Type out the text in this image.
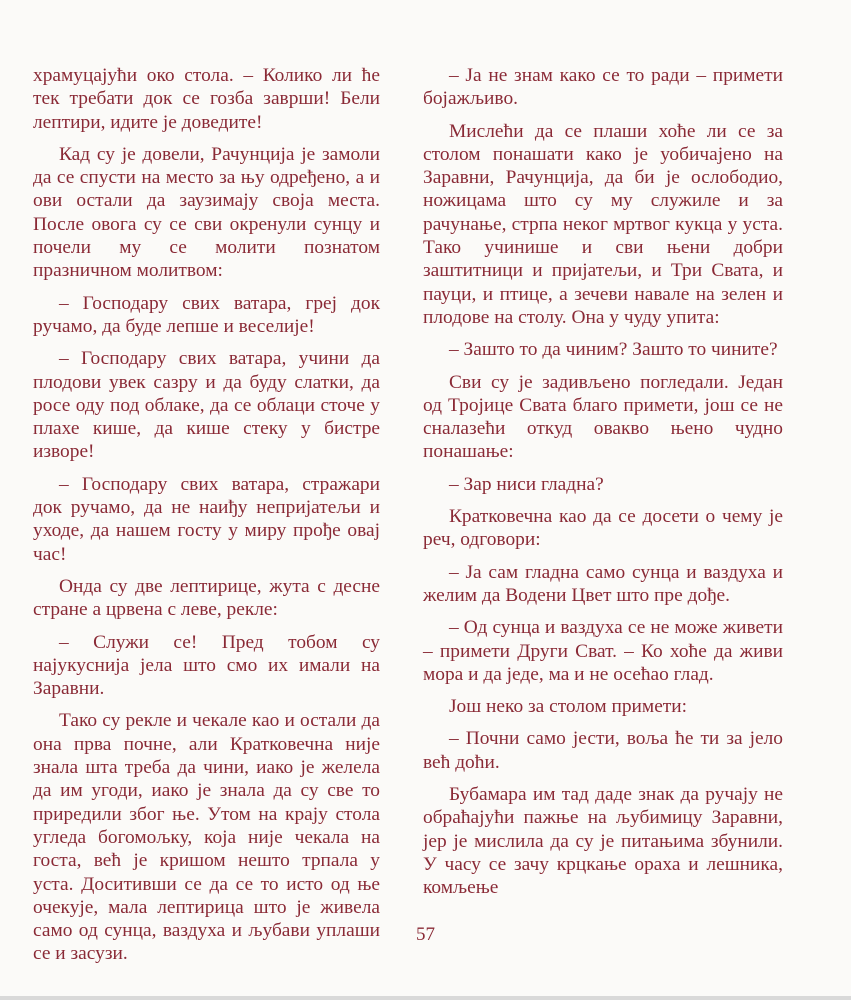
храмуцајући око стола. – Колико ли ће тек требати док се гозба заврши! Бели лептири, идите је доведите!

Кад су је довели, Рачунција је замоли да се спусти на место за њу одређено, а и ови остали да заузимају своја места. После овога су се сви окренули сунцу и почели му се молити познатом празничном молитвом:

– Господару свих ватара, греј док ручамо, да буде лепше и веселије!

– Господару свих ватара, учини да плодови увек сазру и да буду слатки, да росе оду под облаке, да се облаци сточе у плахе кише, да кише стеку у бистре изворе!

– Господару свих ватара, стражари док ручамо, да не наиђу непријатељи и уходе, да нашем госту у миру прође овај час!

Онда су две лептирице, жута с десне стране а црвена с леве, рекле:

– Служи се! Пред тобом су најукуснија јела што смо их имали на Заравни.

Тако су рекле и чекале као и остали да она прва почне, али Кратковечна није знала шта треба да чини, иако је желела да им угоди, иако је знала да су све то приредили због ње. Утом на крају стола угледа богомољку, која није чекала на госта, већ је кришом нешто трпала у уста. Доситивши се да се то исто од ње очекује, мала лептирица што је живела само од сунца, ваздуха и љубави уплаши се и засузи.

– Ја не знам како се то ради – примети бојажљиво.

Мислећи да се плаши хоће ли се за столом понашати како је уобичајено на Заравни, Рачунција, да би је ослободио, ножицама што су му служиле и за рачунање, стрпа неког мртвог кукца у уста. Тако учинише и сви њени добри заштитници и пријатељи, и Три Свата, и пауци, и птице, а зечеви навале на зелен и плодове на столу. Она у чуду упита:

– Зашто то да чиним? Зашто то чините?

Сви су је задивљено погледали. Један од Тројице Свата благо примети, још се не сналазећи откуд овакво њено чудно понашање:

– Зар ниси гладна?

Кратковечна као да се досети о чему је реч, одговори:

– Ја сам гладна само сунца и ваздуха и желим да Водени Цвет што пре дође.

– Од сунца и ваздуха се не може живети – примети Други Сват. – Ко хоће да живи мора и да једе, ма и не осећао глад.

Још неко за столом примети:

– Почни само јести, воља ће ти за јело већ доћи.

Бубамара им тад даде знак да ручају не обраћајући пажње на љубимицу Заравни, јер је мислила да су је питањима збунили. У часу се зачу крцкање ораха и лешника, комљење

57
